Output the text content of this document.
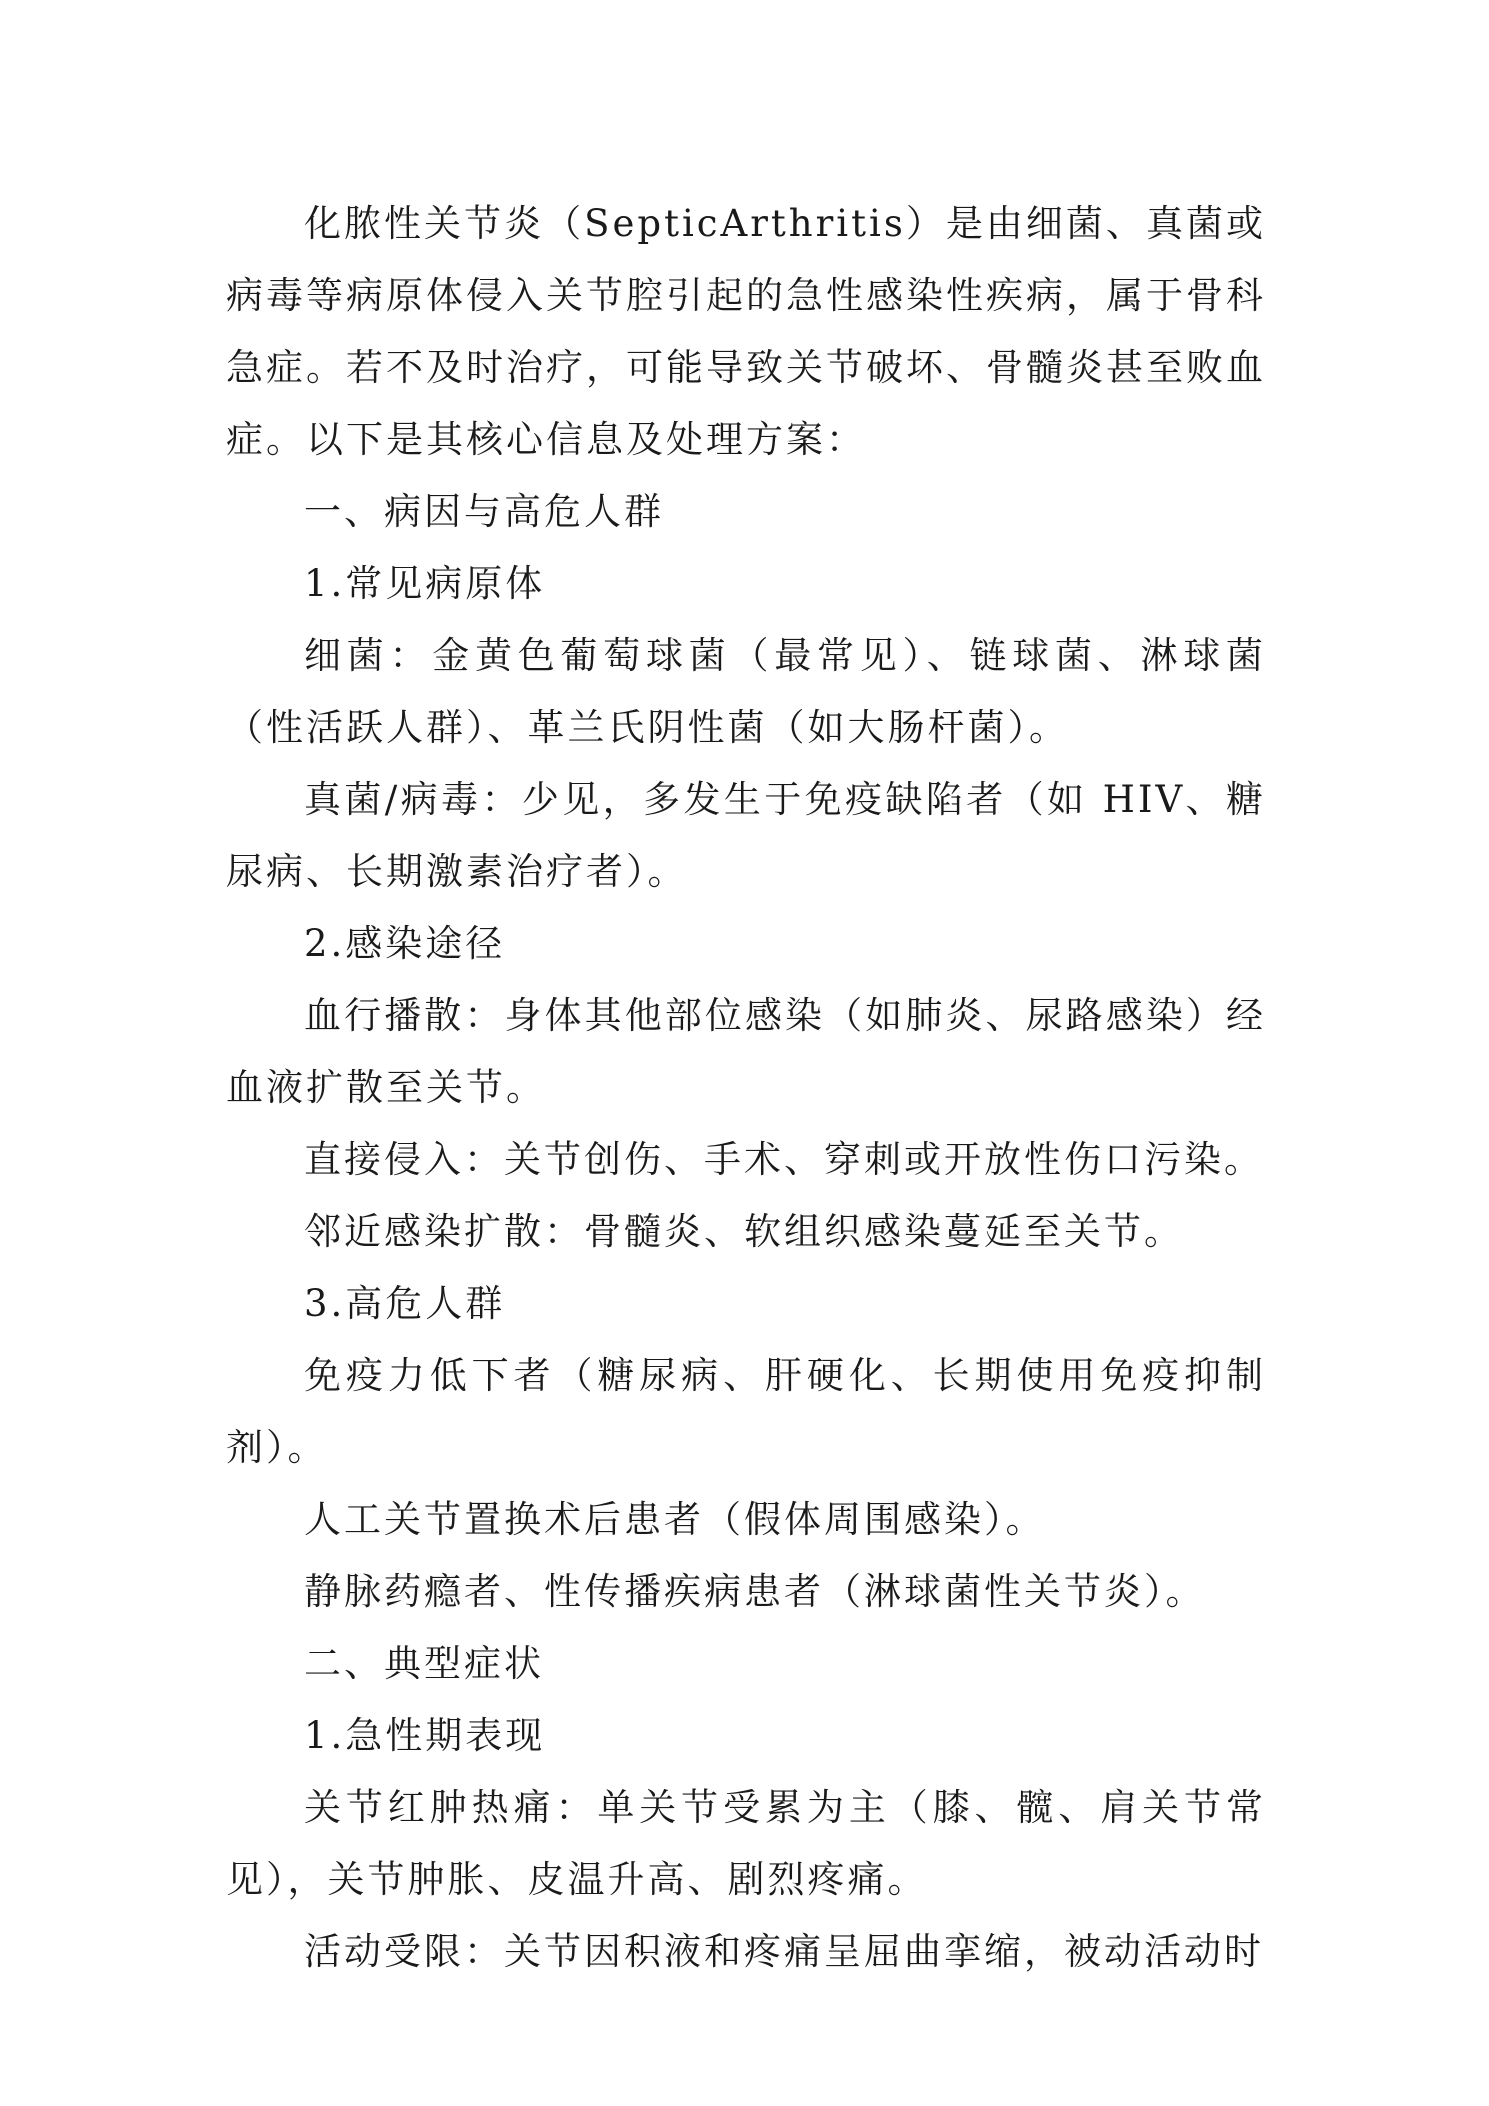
化脓性关节炎（SepticArthritis）是由细菌、真菌或病毒等病原体侵入关节腔引起的急性感染性疾病，属于骨科急症。若不及时治疗，可能导致关节破坏、骨髓炎甚至败血症。以下是其核心信息及处理方案：

一、病因与高危人群

1.常见病原体

细菌：金黄色葡萄球菌（最常见）、链球菌、淋球菌（性活跃人群）、革兰氏阴性菌（如大肠杆菌）。

真菌/病毒：少见，多发生于免疫缺陷者（如 HIV、糖尿病、长期激素治疗者）。

2.感染途径

血行播散：身体其他部位感染（如肺炎、尿路感染）经血液扩散至关节。

直接侵入：关节创伤、手术、穿刺或开放性伤口污染。

邻近感染扩散：骨髓炎、软组织感染蔓延至关节。

3.高危人群

免疫力低下者（糖尿病、肝硬化、长期使用免疫抑制剂）。

人工关节置换术后患者（假体周围感染）。

静脉药瘾者、性传播疾病患者（淋球菌性关节炎）。

二、典型症状

1.急性期表现

关节红肿热痛：单关节受累为主（膝、髋、肩关节常见），关节肿胀、皮温升高、剧烈疼痛。

活动受限：关节因积液和疼痛呈屈曲挛缩，被动活动时
